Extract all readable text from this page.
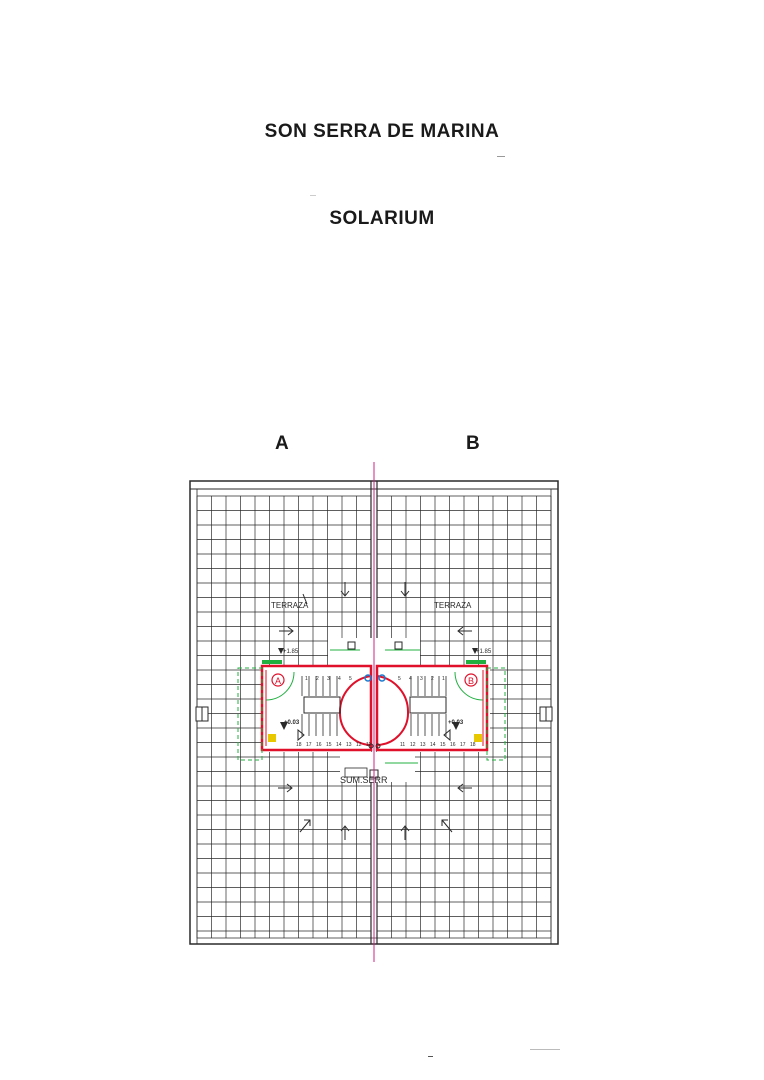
SON SERRA DE MARINA
SOLARIUM
A	B
A	B
TERRAZA	TERRAZA
+1.85	+1.85
+0.03	+0.03
SUM.SERR
1 2 3 4 5	5 4 3 2 1
18 17 16 15 14 13 12 11	11 12 13 14 15 16 17 18
